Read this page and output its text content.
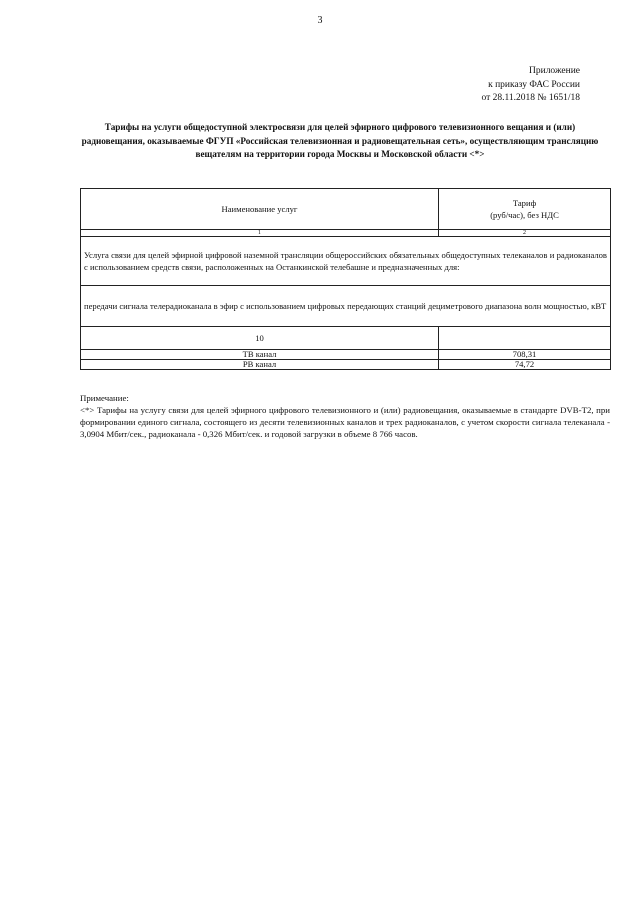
3
Приложение
к приказу ФАС России
от 28.11.2018 № 1651/18
Тарифы на услуги общедоступной электросвязи для целей эфирного цифрового телевизионного вещания и (или) радиовещания, оказываемые ФГУП «Российская телевизионная и радиовещательная сеть», осуществляющим трансляцию вещателям на территории города Москвы и Московской области <*>
Наименование услуг	Тариф
(руб/час), без НДС

1	2

Услуга связи для целей эфирной цифровой наземной трансляции общероссийских обязательных общедоступных телеканалов и радиоканалов с использованием средств связи, расположенных на Останкинской телебашне и предназначенных для:	

передачи сигнала телерадиоканала в эфир с использованием цифровых передающих станций дециметрового диапазона волн мощностью, кВТ	
10	
ТВ канал	708,31
РВ канал	74,72
Примечание:
<*> Тарифы на услугу связи для целей эфирного цифрового телевизионного и (или) радиовещания, оказываемые в стандарте DVB-T2, при формировании единого сигнала, состоящего из десяти телевизионных каналов и трех радиоканалов, с учетом скорости сигнала телеканала - 3,0904 Мбит/сек., радиоканала - 0,326 Мбит/сек. и годовой загрузки в объеме 8 766 часов.
